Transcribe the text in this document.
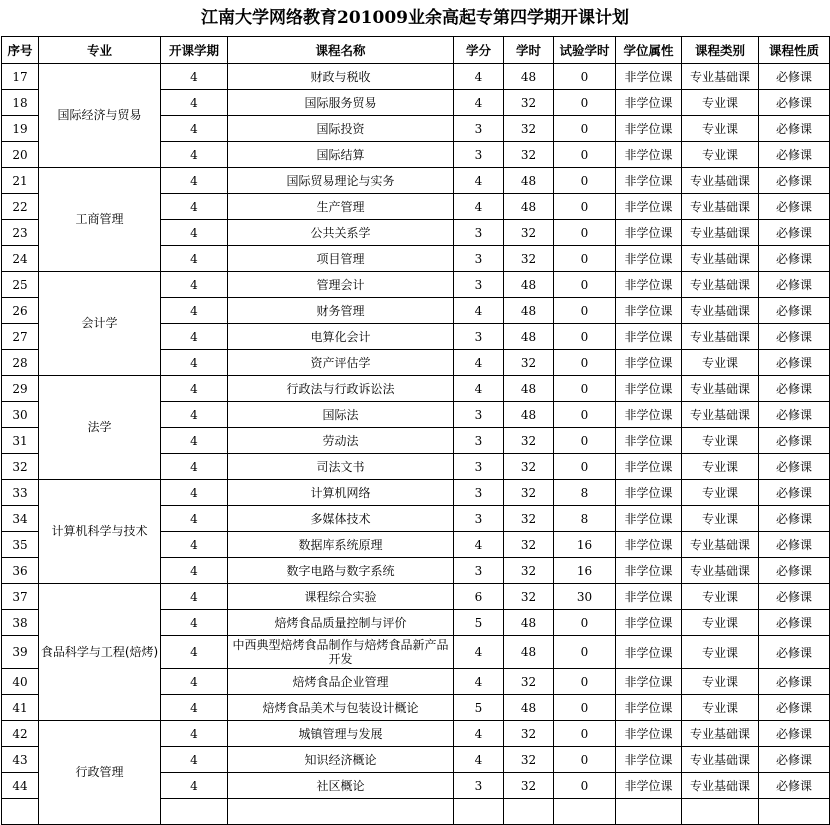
江南大学网络教育201009业余高起专第四学期开课计划
序号	专业	开课学期	课程名称	学分	学时	试验学时	学位属性	课程类别	课程性质	
17	国际经济与贸易	4	财政与税收	4	48	0	非学位课	专业基础课	必修课	
18		4	国际服务贸易	4	32	0	非学位课	专业课	必修课	
19		4	国际投资	3	32	0	非学位课	专业课	必修课	
20		4	国际结算	3	32	0	非学位课	专业课	必修课	
21	工商管理	4	国际贸易理论与实务	4	48	0	非学位课	专业基础课	必修课	
22		4	生产管理	4	48	0	非学位课	专业基础课	必修课	
23		4	公共关系学	3	32	0	非学位课	专业基础课	必修课	
24		4	项目管理	3	32	0	非学位课	专业基础课	必修课	
25	会计学	4	管理会计	3	48	0	非学位课	专业基础课	必修课	
26		4	财务管理	4	48	0	非学位课	专业基础课	必修课	
27		4	电算化会计	3	48	0	非学位课	专业基础课	必修课	
28		4	资产评估学	4	32	0	非学位课	专业课	必修课	
29	法学	4	行政法与行政诉讼法	4	48	0	非学位课	专业基础课	必修课	
30		4	国际法	3	48	0	非学位课	专业基础课	必修课	
31		4	劳动法	3	32	0	非学位课	专业课	必修课	
32		4	司法文书	3	32	0	非学位课	专业课	必修课	
33	计算机科学与技术	4	计算机网络	3	32	8	非学位课	专业课	必修课	
34		4	多媒体技术	3	32	8	非学位课	专业课	必修课	
35		4	数据库系统原理	4	32	16	非学位课	专业基础课	必修课	
36		4	数字电路与数字系统	3	32	16	非学位课	专业基础课	必修课	
37	食品科学与工程(焙烤)	4	课程综合实验	6	32	30	非学位课	专业课	必修课	
38		4	焙烤食品质量控制与评价	5	48	0	非学位课	专业课	必修课	
39		4	中西典型焙烤食品制作与焙烤食品新产品开发	4	48	0	非学位课	专业课	必修课	
40		4	焙烤食品企业管理	4	32	0	非学位课	专业课	必修课	
41		4	焙烤食品美术与包装设计概论	5	48	0	非学位课	专业课	必修课	
42	行政管理	4	城镇管理与发展	4	32	0	非学位课	专业基础课	必修课	
43		4	知识经济概论	4	32	0	非学位课	专业基础课	必修课	
44		4	社区概论	3	32	0	非学位课	专业基础课	必修课	
